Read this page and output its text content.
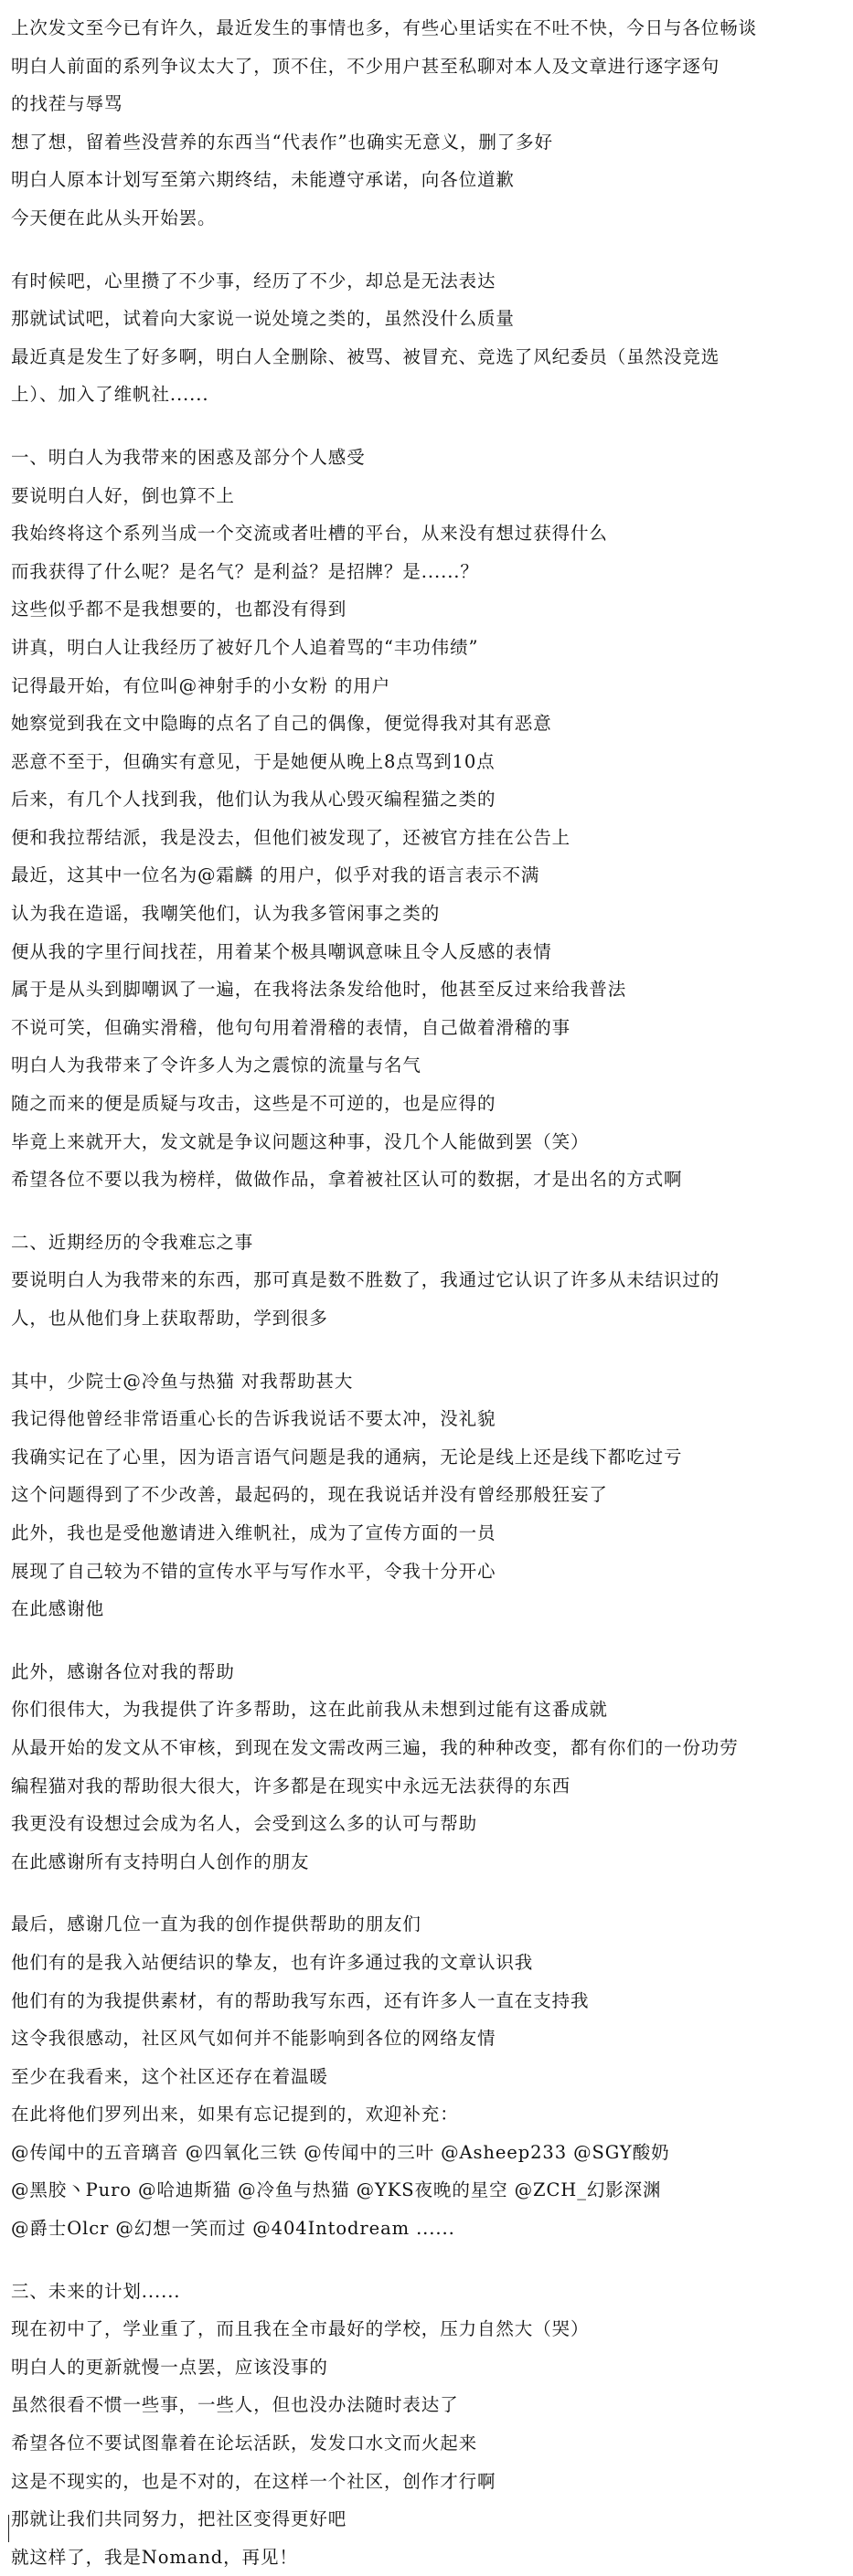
上次发文至今已有许久，最近发生的事情也多，有些心里话实在不吐不快，今日与各位畅谈
明白人前面的系列争议太大了，顶不住，不少用户甚至私聊对本人及文章进行逐字逐句
的找茬与辱骂
想了想，留着些没营养的东西当“代表作”也确实无意义，删了多好
明白人原本计划写至第六期终结，未能遵守承诺，向各位道歉
今天便在此从头开始罢。
有时候吧，心里攒了不少事，经历了不少，却总是无法表达
那就试试吧，试着向大家说一说处境之类的，虽然没什么质量
最近真是发生了好多啊，明白人全删除、被骂、被冒充、竞选了风纪委员（虽然没竞选
上）、加入了维帆社......
一、明白人为我带来的困惑及部分个人感受
要说明白人好，倒也算不上
我始终将这个系列当成一个交流或者吐槽的平台，从来没有想过获得什么
而我获得了什么呢？是名气？是利益？是招牌？是......？
这些似乎都不是我想要的，也都没有得到
讲真，明白人让我经历了被好几个人追着骂的“丰功伟绩”
记得最开始，有位叫@神射手的小女粉 的用户
她察觉到我在文中隐晦的点名了自己的偶像，便觉得我对其有恶意
恶意不至于，但确实有意见，于是她便从晚上8点骂到10点
后来，有几个人找到我，他们认为我从心毁灭编程猫之类的
便和我拉帮结派，我是没去，但他们被发现了，还被官方挂在公告上
最近，这其中一位名为@霜麟 的用户，似乎对我的语言表示不满
认为我在造谣，我嘲笑他们，认为我多管闲事之类的
便从我的字里行间找茬，用着某个极具嘲讽意味且令人反感的表情
属于是从头到脚嘲讽了一遍，在我将法条发给他时，他甚至反过来给我普法
不说可笑，但确实滑稽，他句句用着滑稽的表情，自己做着滑稽的事
明白人为我带来了令许多人为之震惊的流量与名气
随之而来的便是质疑与攻击，这些是不可逆的，也是应得的
毕竟上来就开大，发文就是争议问题这种事，没几个人能做到罢（笑）
希望各位不要以我为榜样，做做作品，拿着被社区认可的数据，才是出名的方式啊
二、近期经历的令我难忘之事
要说明白人为我带来的东西，那可真是数不胜数了，我通过它认识了许多从未结识过的
人，也从他们身上获取帮助，学到很多
其中，少院士@冷鱼与热猫 对我帮助甚大
我记得他曾经非常语重心长的告诉我说话不要太冲，没礼貌
我确实记在了心里，因为语言语气问题是我的通病，无论是线上还是线下都吃过亏
这个问题得到了不少改善，最起码的，现在我说话并没有曾经那般狂妄了
此外，我也是受他邀请进入维帆社，成为了宣传方面的一员
展现了自己较为不错的宣传水平与写作水平，令我十分开心
在此感谢他
此外，感谢各位对我的帮助
你们很伟大，为我提供了许多帮助，这在此前我从未想到过能有这番成就
从最开始的发文从不审核，到现在发文需改两三遍，我的种种改变，都有你们的一份功劳
编程猫对我的帮助很大很大，许多都是在现实中永远无法获得的东西
我更没有设想过会成为名人，会受到这么多的认可与帮助
在此感谢所有支持明白人创作的朋友
最后，感谢几位一直为我的创作提供帮助的朋友们
他们有的是我入站便结识的挚友，也有许多通过我的文章认识我
他们有的为我提供素材，有的帮助我写东西，还有许多人一直在支持我
这令我很感动，社区风气如何并不能影响到各位的网络友情
至少在我看来，这个社区还存在着温暖
在此将他们罗列出来，如果有忘记提到的，欢迎补充：
@传闻中的五音璃音 @四氧化三铁 @传闻中的三叶 @Asheep233 @SGY酸奶
@黑胶丶Puro @哈迪斯猫 @冷鱼与热猫 @YKS夜晚的星空 @ZCH_幻影深渊
@爵士Olcr @幻想一笑而过 @404Intodream ......
三、未来的计划......
现在初中了，学业重了，而且我在全市最好的学校，压力自然大（哭）
明白人的更新就慢一点罢，应该没事的
虽然很看不惯一些事，一些人，但也没办法随时表达了
希望各位不要试图靠着在论坛活跃，发发口水文而火起来
这是不现实的，也是不对的，在这样一个社区，创作才行啊
那就让我们共同努力，把社区变得更好吧
就这样了，我是Nomand，再见！
